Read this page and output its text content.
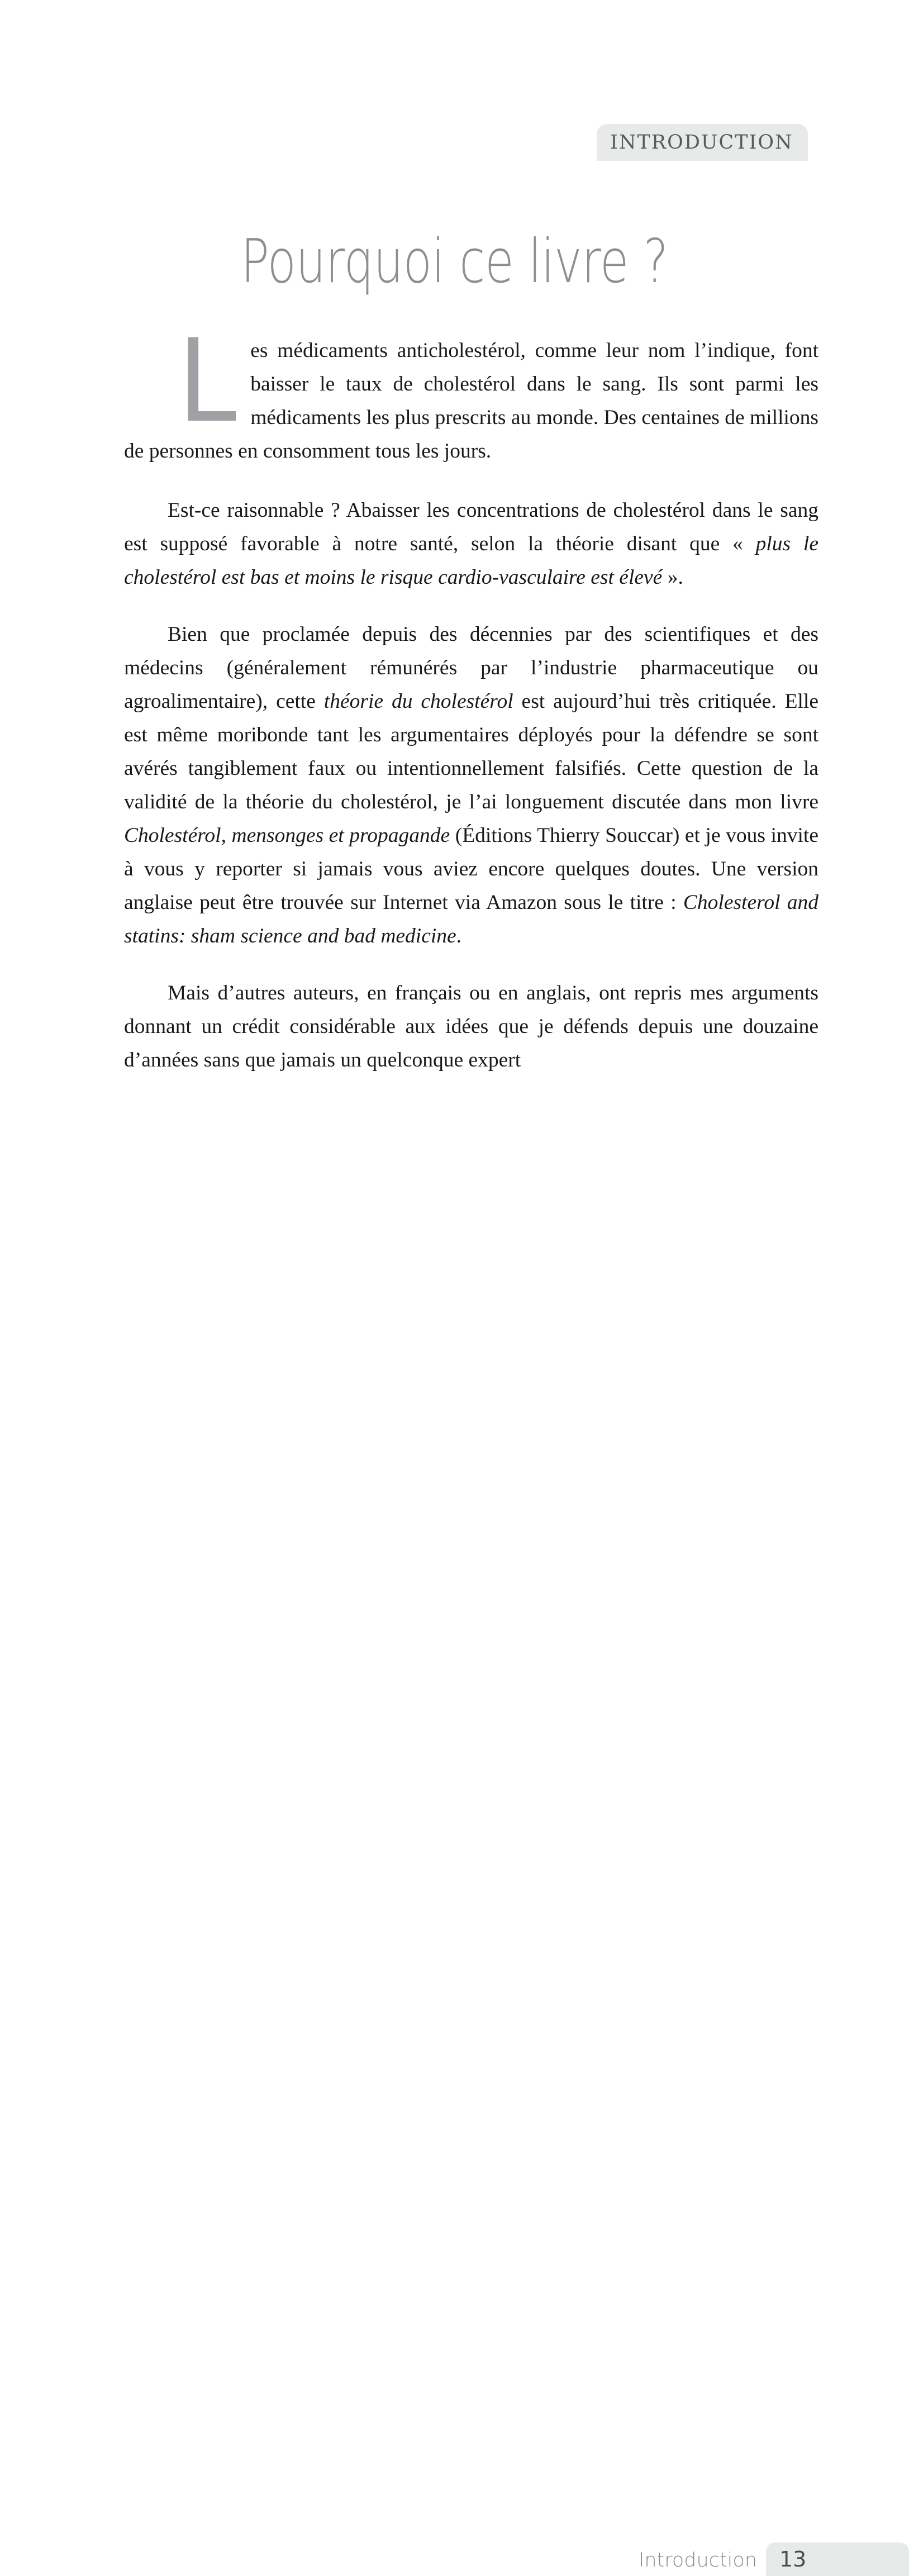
INTRODUCTION
Pourquoi ce livre ?

Les médicaments anticholestérol, comme leur nom l’indique, font baisser le taux de cholestérol dans le sang. Ils sont parmi les médicaments les plus prescrits au monde. Des centaines de millions de personnes en consomment tous les jours.

Est-ce raisonnable ? Abaisser les concentrations de cholestérol dans le sang est supposé favorable à notre santé, selon la théorie disant que « plus le cholestérol est bas et moins le risque cardio-vasculaire est élevé ».

Bien que proclamée depuis des décennies par des scientifiques et des médecins (généralement rémunérés par l’industrie pharmaceutique ou agroalimentaire), cette théorie du cholestérol est aujourd’hui très critiquée. Elle est même moribonde tant les argumentaires déployés pour la défendre se sont avérés tangiblement faux ou intentionnellement falsifiés. Cette question de la validité de la théorie du cholestérol, je l’ai longuement discutée dans mon livre Cholestérol, mensonges et propagande (Éditions Thierry Souccar) et je vous invite à vous y reporter si jamais vous aviez encore quelques doutes. Une version anglaise peut être trouvée sur Internet via Amazon sous le titre : Cholesterol and statins: sham science and bad medicine.

Mais d’autres auteurs, en français ou en anglais, ont repris mes arguments donnant un crédit considérable aux idées que je défends depuis une douzaine d’années sans que jamais un quelconque expert

Introduction 13
